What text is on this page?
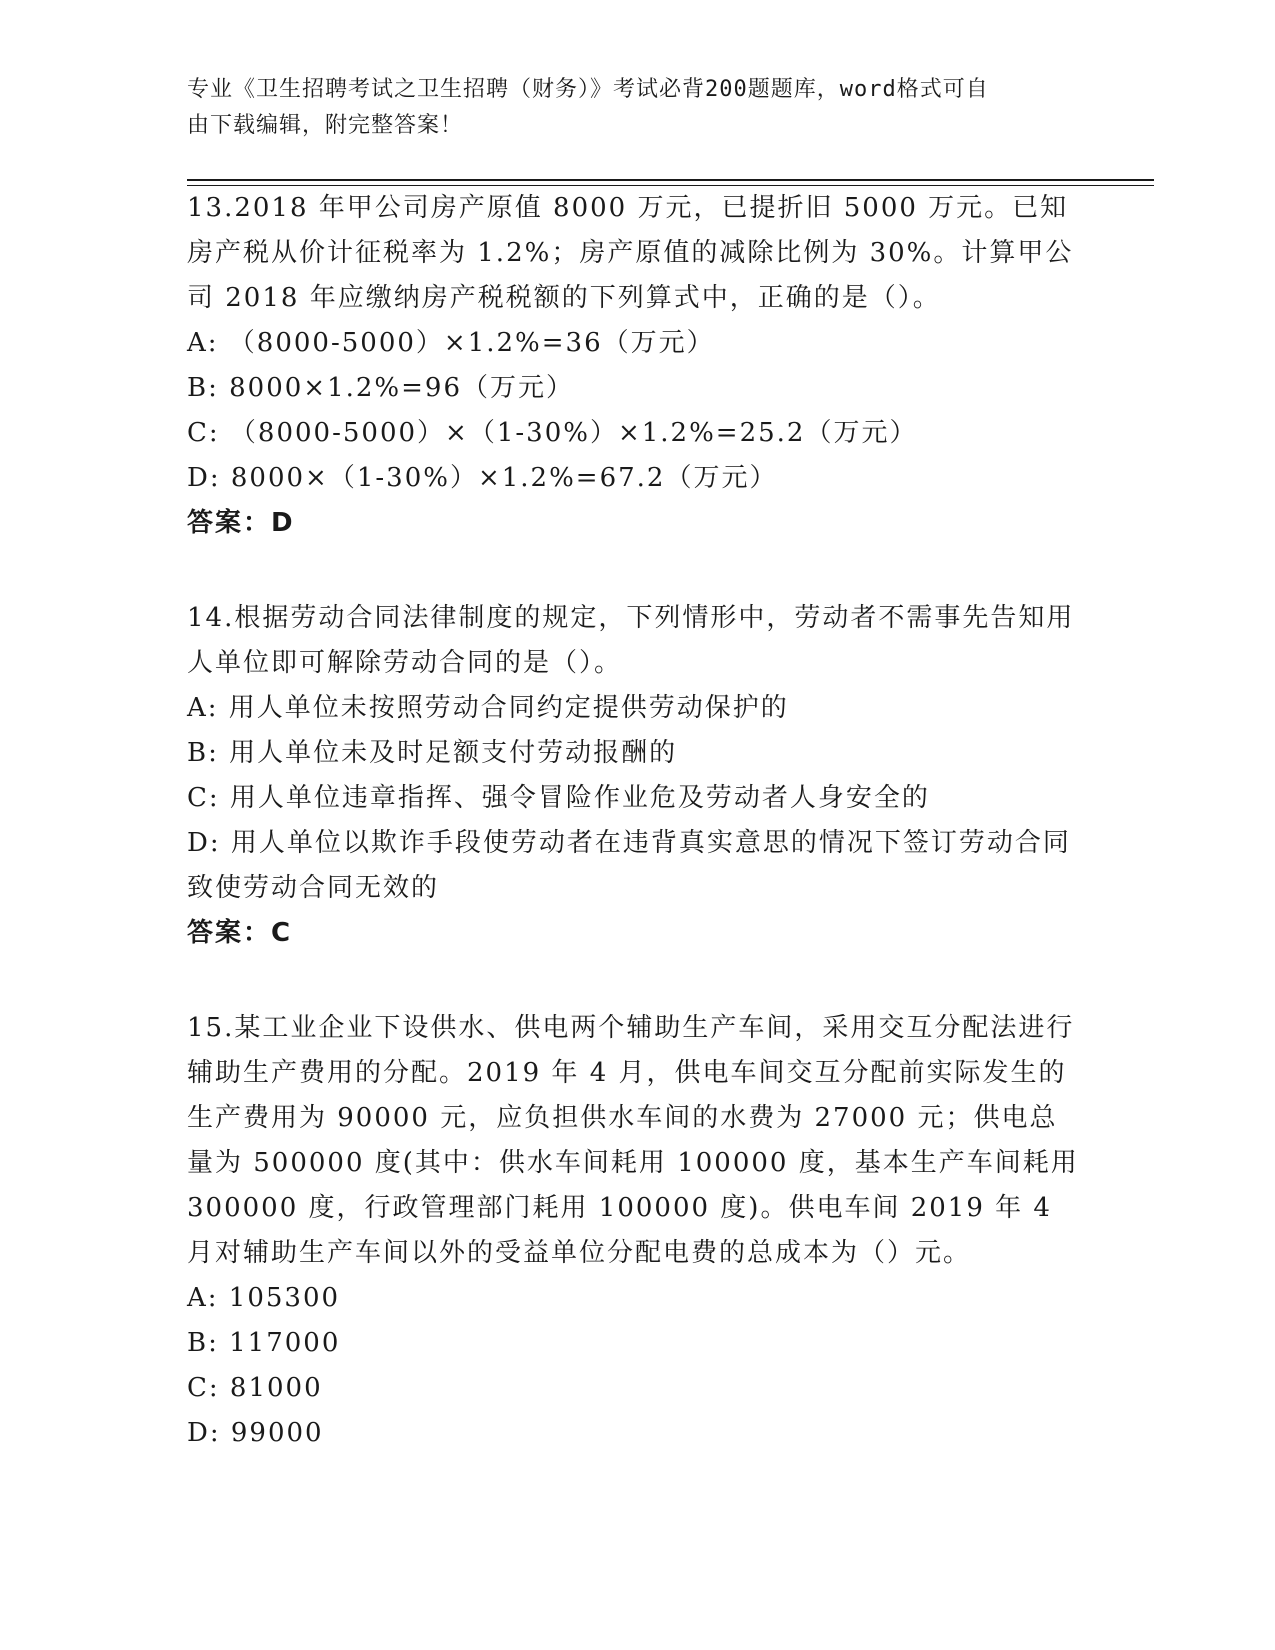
专业《卫生招聘考试之卫生招聘（财务）》考试必背200题题库，word格式可自
由下载编辑，附完整答案！

13.2018 年甲公司房产原值 8000 万元，已提折旧 5000 万元。已知房产税从价计征税率为 1.2%；房产原值的减除比例为 30%。计算甲公司 2018 年应缴纳房产税税额的下列算式中，正确的是（）。

A: （8000-5000）×1.2%=36（万元）

B: 8000×1.2%=96（万元）

C: （8000-5000）×（1-30%）×1.2%=25.2（万元）

D: 8000×（1-30%）×1.2%=67.2（万元）

答案：D

14.根据劳动合同法律制度的规定，下列情形中，劳动者不需事先告知用人单位即可解除劳动合同的是（）。

A: 用人单位未按照劳动合同约定提供劳动保护的

B: 用人单位未及时足额支付劳动报酬的

C: 用人单位违章指挥、强令冒险作业危及劳动者人身安全的

D: 用人单位以欺诈手段使劳动者在违背真实意思的情况下签订劳动合同致使劳动合同无效的

答案：C

15.某工业企业下设供水、供电两个辅助生产车间，采用交互分配法进行辅助生产费用的分配。2019 年 4 月，供电车间交互分配前实际发生的生产费用为 90000 元，应负担供水车间的水费为 27000 元；供电总量为 500000 度(其中：供水车间耗用 100000 度，基本生产车间耗用 300000 度，行政管理部门耗用 100000 度)。供电车间 2019 年 4 月对辅助生产车间以外的受益单位分配电费的总成本为（）元。

A: 105300

B: 117000

C: 81000

D: 99000
